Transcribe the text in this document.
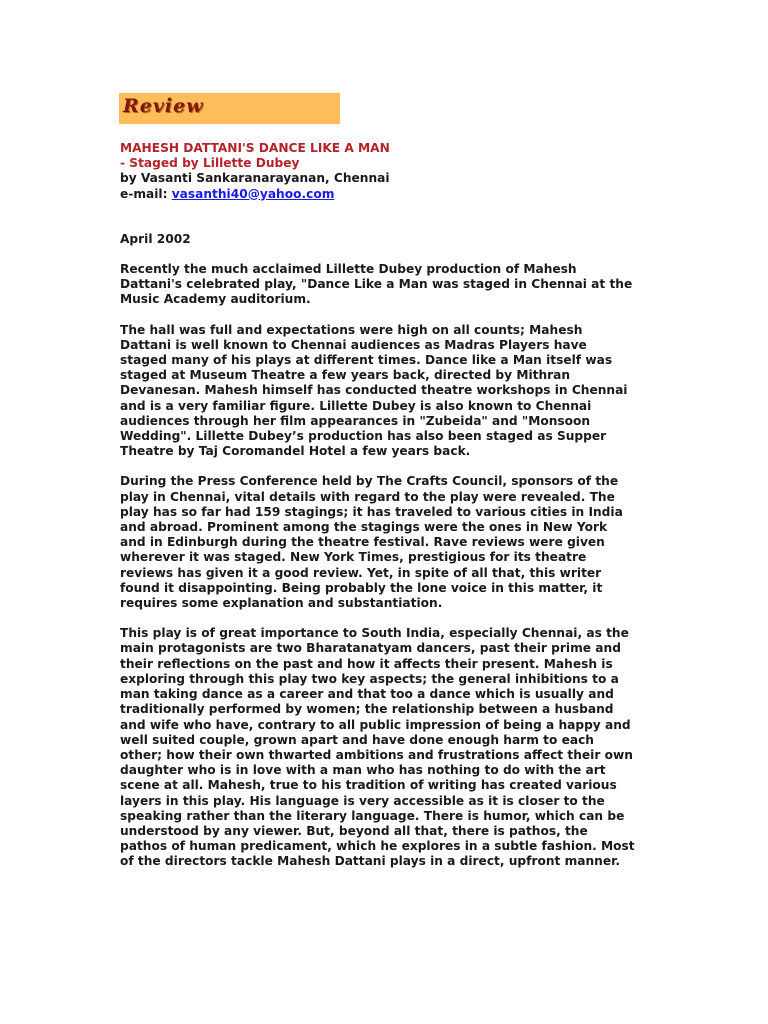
Review
MAHESH DATTANI'S DANCE LIKE A MAN
- Staged by Lillette Dubey
by Vasanti Sankaranarayanan, Chennai
e-mail: vasanthi40@yahoo.com
April 2002

Recently the much acclaimed Lillette Dubey production of Mahesh
Dattani's celebrated play, "Dance Like a Man was staged in Chennai at the
Music Academy auditorium.

The hall was full and expectations were high on all counts; Mahesh
Dattani is well known to Chennai audiences as Madras Players have
staged many of his plays at different times. Dance like a Man itself was
staged at Museum Theatre a few years back, directed by Mithran
Devanesan. Mahesh himself has conducted theatre workshops in Chennai
and is a very familiar figure. Lillette Dubey is also known to Chennai
audiences through her film appearances in "Zubeida" and "Monsoon
Wedding". Lillette Dubey’s production has also been staged as Supper
Theatre by Taj Coromandel Hotel a few years back.

During the Press Conference held by The Crafts Council, sponsors of the
play in Chennai, vital details with regard to the play were revealed. The
play has so far had 159 stagings; it has traveled to various cities in India
and abroad. Prominent among the stagings were the ones in New York
and in Edinburgh during the theatre festival. Rave reviews were given
wherever it was staged. New York Times, prestigious for its theatre
reviews has given it a good review. Yet, in spite of all that, this writer
found it disappointing. Being probably the lone voice in this matter, it
requires some explanation and substantiation.

This play is of great importance to South India, especially Chennai, as the
main protagonists are two Bharatanatyam dancers, past their prime and
their reflections on the past and how it affects their present. Mahesh is
exploring through this play two key aspects; the general inhibitions to a
man taking dance as a career and that too a dance which is usually and
traditionally performed by women; the relationship between a husband
and wife who have, contrary to all public impression of being a happy and
well suited couple, grown apart and have done enough harm to each
other; how their own thwarted ambitions and frustrations affect their own
daughter who is in love with a man who has nothing to do with the art
scene at all. Mahesh, true to his tradition of writing has created various
layers in this play. His language is very accessible as it is closer to the
speaking rather than the literary language. There is humor, which can be
understood by any viewer. But, beyond all that, there is pathos, the
pathos of human predicament, which he explores in a subtle fashion. Most
of the directors tackle Mahesh Dattani plays in a direct, upfront manner.
